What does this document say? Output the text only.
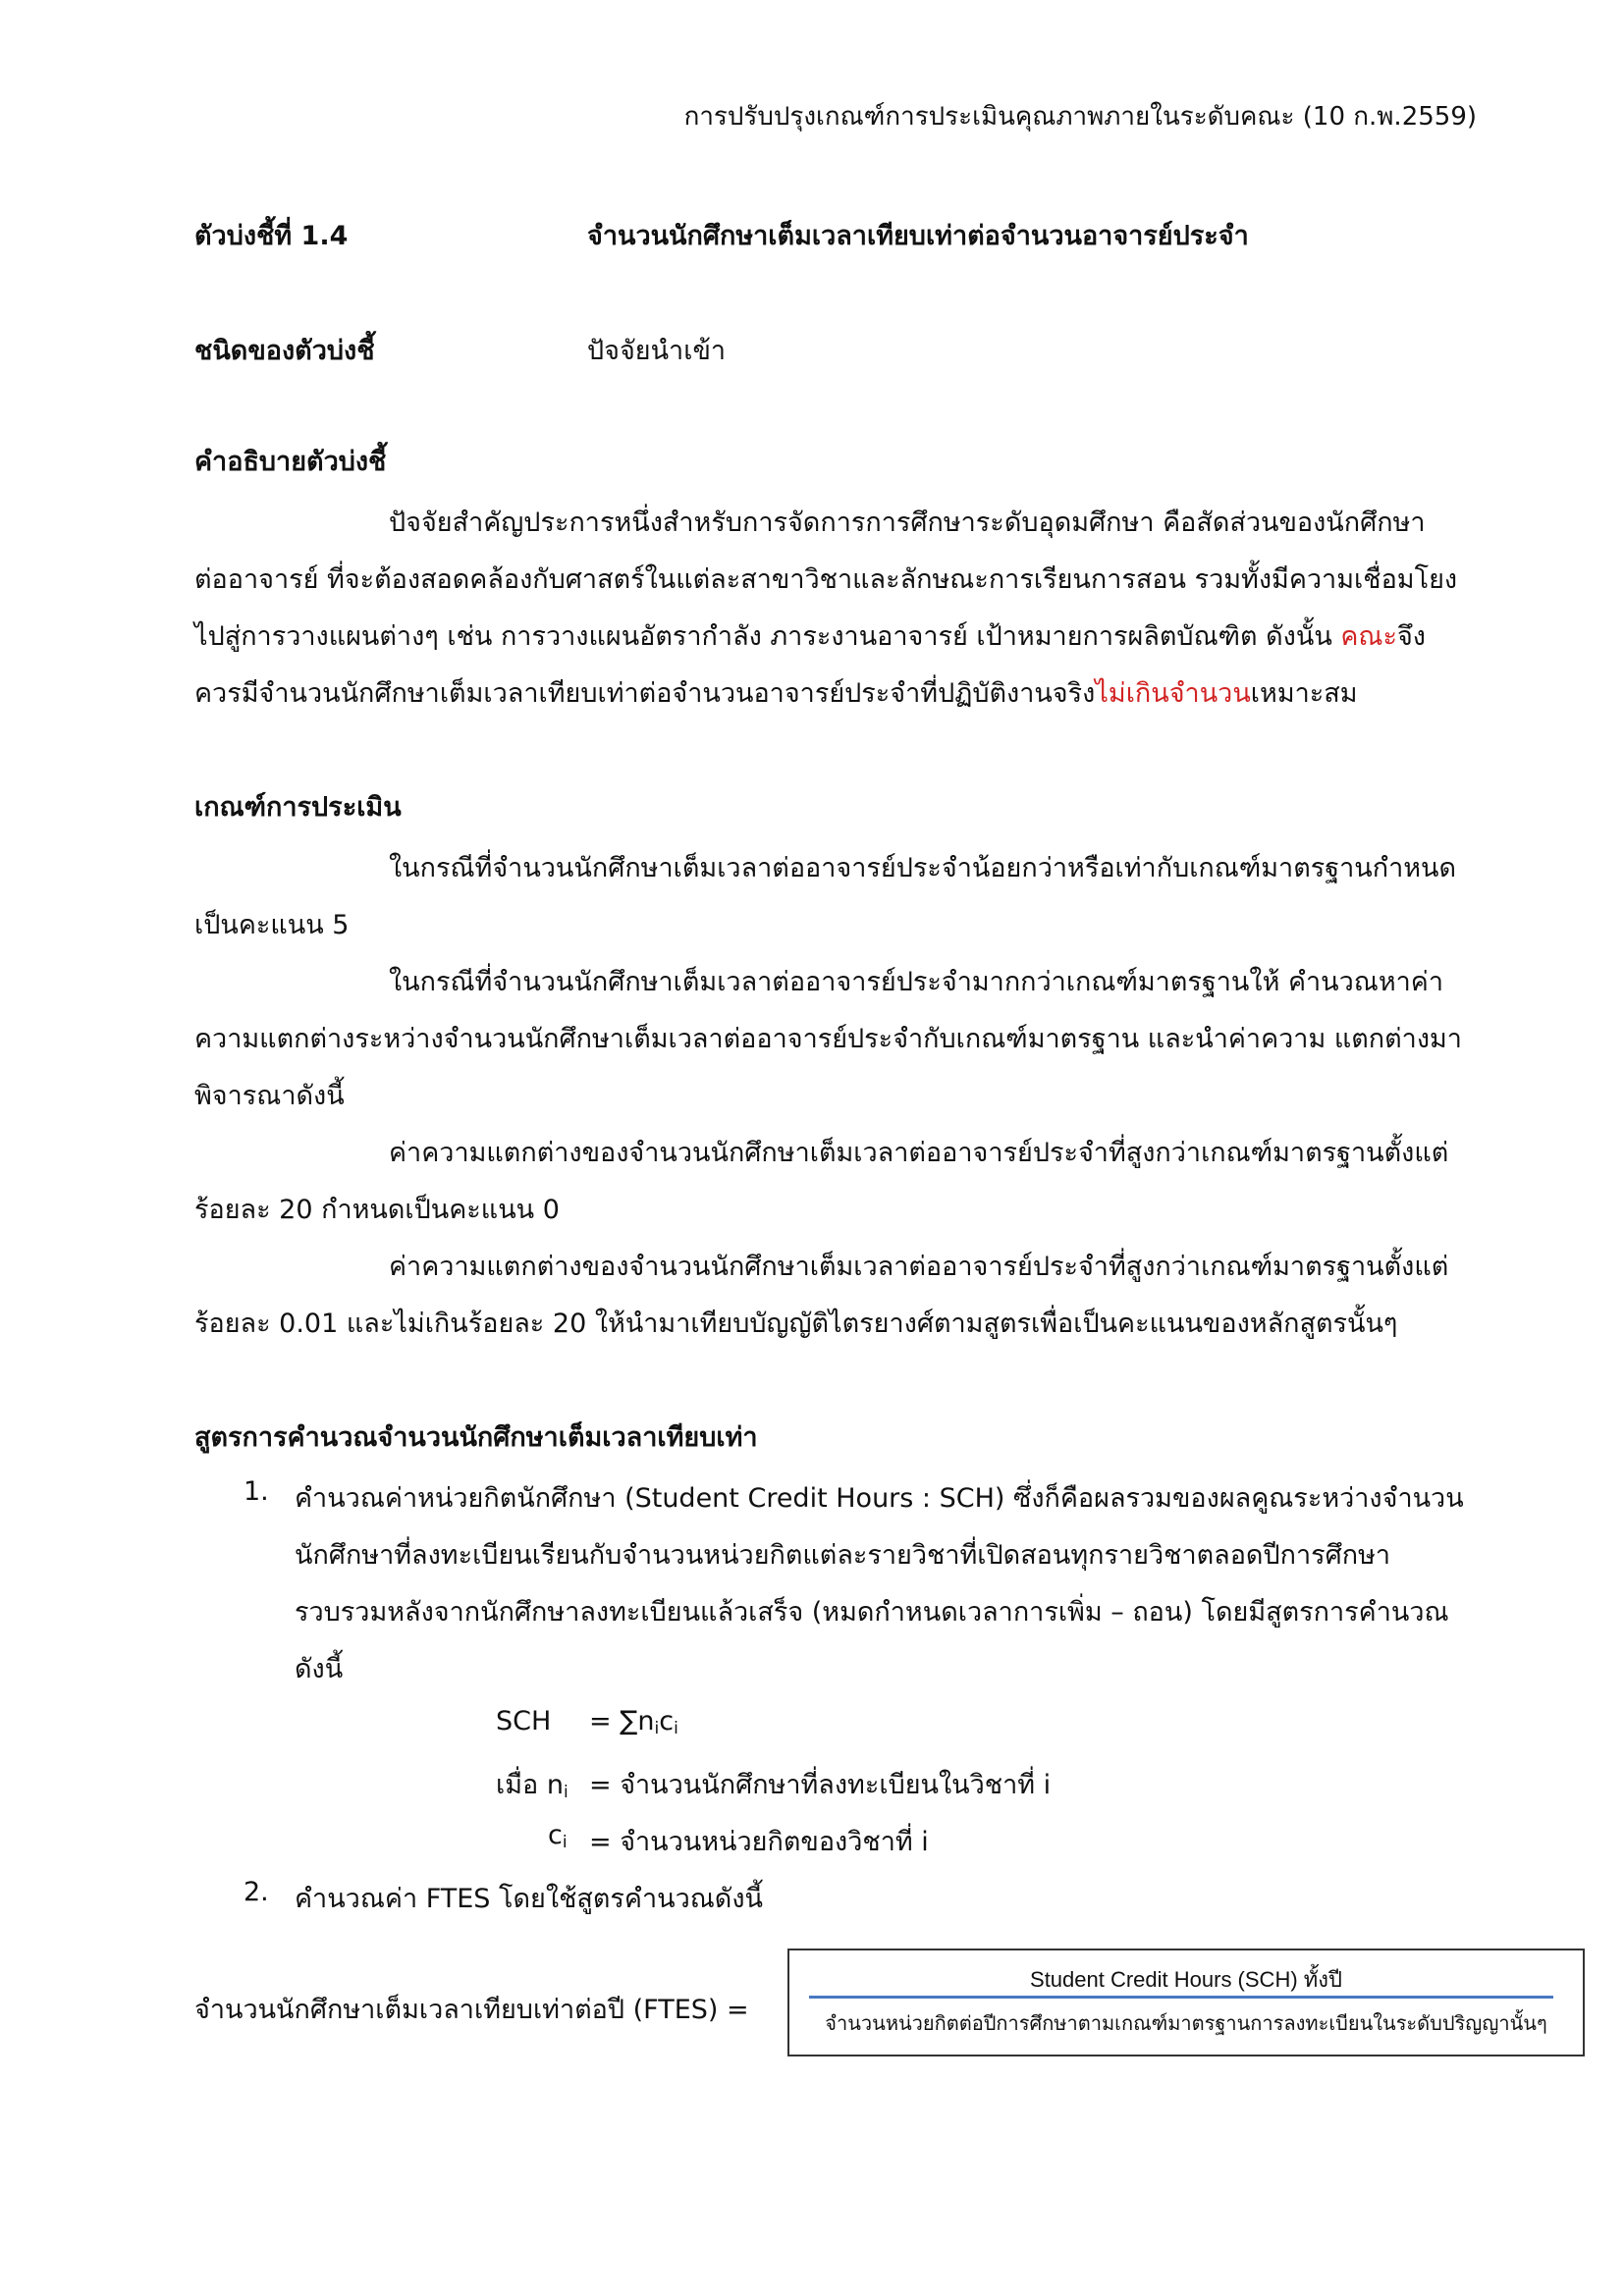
การปรับปรุงเกณฑ์การประเมินคุณภาพภายในระดับคณะ (10 ก.พ.2559)
ตัวบ่งชี้ที่ 1.4	จำนวนนักศึกษาเต็มเวลาเทียบเท่าต่อจำนวนอาจารย์ประจำ
ชนิดของตัวบ่งชี้	ปัจจัยนำเข้า
คำอธิบายตัวบ่งชี้
ปัจจัยสำคัญประการหนึ่งสำหรับการจัดการการศึกษาระดับอุดมศึกษา คือสัดส่วนของนักศึกษา
ต่ออาจารย์ ที่จะต้องสอดคล้องกับศาสตร์ในแต่ละสาขาวิชาและลักษณะการเรียนการสอน รวมทั้งมีความเชื่อมโยง
ไปสู่การวางแผนต่างๆ เช่น การวางแผนอัตรากำลัง ภาระงานอาจารย์ เป้าหมายการผลิตบัณฑิต ดังนั้น คณะจึง
ควรมีจำนวนนักศึกษาเต็มเวลาเทียบเท่าต่อจำนวนอาจารย์ประจำที่ปฏิบัติงานจริงไม่เกินจำนวนเหมาะสม
เกณฑ์การประเมิน
ในกรณีที่จำนวนนักศึกษาเต็มเวลาต่ออาจารย์ประจำน้อยกว่าหรือเท่ากับเกณฑ์มาตรฐานกำหนด
เป็นคะแนน 5
ในกรณีที่จำนวนนักศึกษาเต็มเวลาต่ออาจารย์ประจำมากกว่าเกณฑ์มาตรฐานให้ คำนวณหาค่า
ความแตกต่างระหว่างจำนวนนักศึกษาเต็มเวลาต่ออาจารย์ประจำกับเกณฑ์มาตรฐาน และนำค่าความ แตกต่างมา
พิจารณาดังนี้
ค่าความแตกต่างของจำนวนนักศึกษาเต็มเวลาต่ออาจารย์ประจำที่สูงกว่าเกณฑ์มาตรฐานตั้งแต่
ร้อยละ 20 กำหนดเป็นคะแนน 0
ค่าความแตกต่างของจำนวนนักศึกษาเต็มเวลาต่ออาจารย์ประจำที่สูงกว่าเกณฑ์มาตรฐานตั้งแต่
ร้อยละ 0.01 และไม่เกินร้อยละ 20 ให้นำมาเทียบบัญญัติไตรยางศ์ตามสูตรเพื่อเป็นคะแนนของหลักสูตรนั้นๆ
สูตรการคำนวณจำนวนนักศึกษาเต็มเวลาเทียบเท่า
1. คำนวณค่าหน่วยกิตนักศึกษา (Student Credit Hours : SCH) ซึ่งก็คือผลรวมของผลคูณระหว่างจำนวน
นักศึกษาที่ลงทะเบียนเรียนกับจำนวนหน่วยกิตแต่ละรายวิชาที่เปิดสอนทุกรายวิชาตลอดปีการศึกษา
รวบรวมหลังจากนักศึกษาลงทะเบียนแล้วเสร็จ (หมดกำหนดเวลาการเพิ่ม – ถอน) โดยมีสูตรการคำนวณ
ดังนี้
SCH = $\sum n_ic_i$
เมื่อ $n_i$ = จำนวนนักศึกษาที่ลงทะเบียนในวิชาที่ i
$c_i$ = จำนวนหน่วยกิตของวิชาที่ i
2. คำนวณค่า FTES โดยใช้สูตรคำนวณดังนี้
จำนวนนักศึกษาเต็มเวลาเทียบเท่าต่อปี (FTES) =
Student Credit Hours (SCH) ทั้งปี
จำนวนหน่วยกิตต่อปีการศึกษาตามเกณฑ์มาตรฐานการลงทะเบียนในระดับปริญญานั้นๆ
